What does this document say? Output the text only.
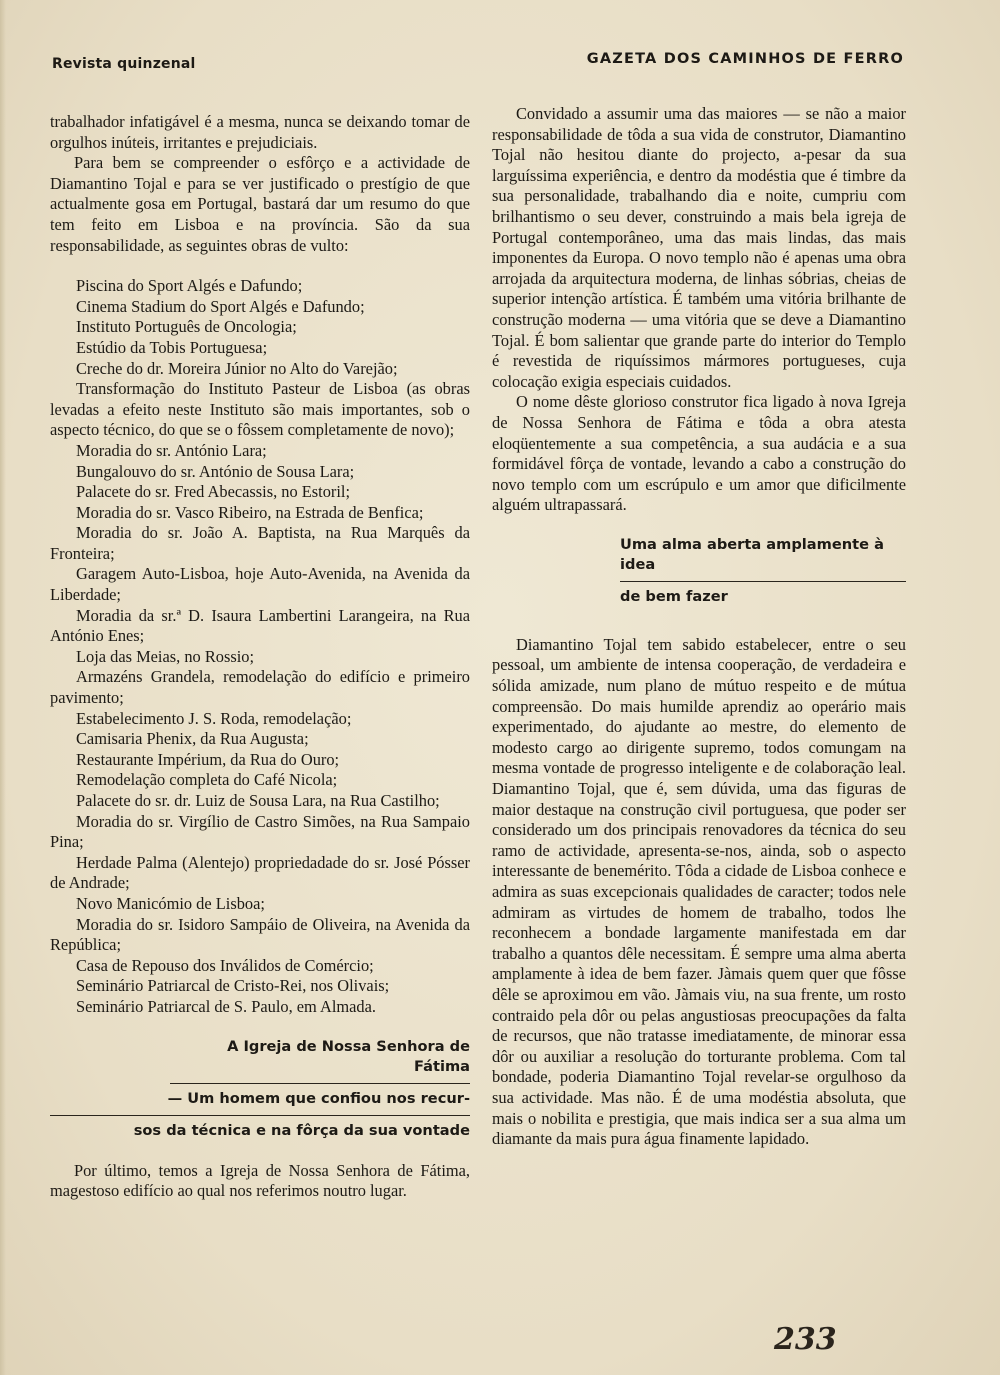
Revista quinzenal	GAZETA DOS CAMINHOS DE FERRO

trabalhador infatigável é a mesma, nunca se deixando tomar de orgulhos inúteis, irritantes e prejudiciais.

Para bem se compreender o esfôrço e a actividade de Diamantino Tojal e para se ver justificado o prestígio de que actualmente gosa em Portugal, bastará dar um resumo do que tem feito em Lisboa e na província. São da sua responsabilidade, as seguintes obras de vulto:

Piscina do Sport Algés e Dafundo;

Cinema Stadium do Sport Algés e Dafundo;

Instituto Português de Oncologia;

Estúdio da Tobis Portuguesa;

Creche do dr. Moreira Júnior no Alto do Varejão;

Transformação do Instituto Pasteur de Lisboa (as obras levadas a efeito neste Instituto são mais importantes, sob o aspecto técnico, do que se o fôssem completamente de novo);

Moradia do sr. António Lara;

Bungalouvo do sr. António de Sousa Lara;

Palacete do sr. Fred Abecassis, no Estoril;

Moradia do sr. Vasco Ribeiro, na Estrada de Benfica;

Moradia do sr. João A. Baptista, na Rua Marquês da Fronteira;

Garagem Auto-Lisboa, hoje Auto-Avenida, na Avenida da Liberdade;

Moradia da sr.ª D. Isaura Lambertini Larangeira, na Rua António Enes;

Loja das Meias, no Rossio;

Armazéns Grandela, remodelação do edifício e primeiro pavimento;

Estabelecimento J. S. Roda, remodelação;

Camisaria Phenix, da Rua Augusta;

Restaurante Impérium, da Rua do Ouro;

Remodelação completa do Café Nicola;

Palacete do sr. dr. Luiz de Sousa Lara, na Rua Castilho;

Moradia do sr. Virgílio de Castro Simões, na Rua Sampaio Pina;

Herdade Palma (Alentejo) propriedadade do sr. José Pósser de Andrade;

Novo Manicómio de Lisboa;

Moradia do sr. Isidoro Sampáio de Oliveira, na Avenida da República;

Casa de Repouso dos Inválidos de Comércio;

Seminário Patriarcal de Cristo-Rei, nos Olivais;

Seminário Patriarcal de S. Paulo, em Almada.

A Igreja de Nossa Senhora de Fátima
— Um homem que confiou nos recur-
sos da técnica e na fôrça da sua vontade

Por último, temos a Igreja de Nossa Senhora de Fátima, magestoso edifício ao qual nos referimos noutro lugar.

Convidado a assumir uma das maiores — se não a maior responsabilidade de tôda a sua vida de construtor, Diamantino Tojal não hesitou diante do projecto, a-pesar da sua larguíssima experiência, e dentro da modéstia que é timbre da sua personalidade, trabalhando dia e noite, cumpriu com brilhantismo o seu dever, construindo a mais bela igreja de Portugal contemporâneo, uma das mais lindas, das mais imponentes da Europa. O novo templo não é apenas uma obra arrojada da arquitectura moderna, de linhas sóbrias, cheias de superior intenção artística. É também uma vitória brilhante de construção moderna — uma vitória que se deve a Diamantino Tojal. É bom salientar que grande parte do interior do Templo é revestida de riquíssimos mármores portugueses, cuja colocação exigia especiais cuidados.

O nome dêste glorioso construtor fica ligado à nova Igreja de Nossa Senhora de Fátima e tôda a obra atesta eloqüentemente a sua competência, a sua audácia e a sua formidável fôrça de vontade, levando a cabo a construção do novo templo com um escrúpulo e um amor que dificilmente alguém ultrapassará.

Uma alma aberta amplamente à idea
de bem fazer

Diamantino Tojal tem sabido estabelecer, entre o seu pessoal, um ambiente de intensa cooperação, de verdadeira e sólida amizade, num plano de mútuo respeito e de mútua compreensão. Do mais humilde aprendiz ao operário mais experimentado, do ajudante ao mestre, do elemento de modesto cargo ao dirigente supremo, todos comungam na mesma vontade de progresso inteligente e de colaboração leal. Diamantino Tojal, que é, sem dúvida, uma das figuras de maior destaque na construção civil portuguesa, que poder ser considerado um dos principais renovadores da técnica do seu ramo de actividade, apresenta-se-nos, ainda, sob o aspecto interessante de benemérito. Tôda a cidade de Lisboa conhece e admira as suas excepcionais qualidades de caracter; todos nele admiram as virtudes de homem de trabalho, todos lhe reconhecem a bondade largamente manifestada em dar trabalho a quantos dêle necessitam. É sempre uma alma aberta amplamente à idea de bem fazer. Jàmais quem quer que fôsse dêle se aproximou em vão. Jàmais viu, na sua frente, um rosto contraido pela dôr ou pelas angustiosas preocupações da falta de recursos, que não tratasse imediatamente, de minorar essa dôr ou auxiliar a resolução do torturante problema. Com tal bondade, poderia Diamantino Tojal revelar-se orgulhoso da sua actividade. Mas não. É de uma modéstia absoluta, que mais o nobilita e prestigia, que mais indica ser a sua alma um diamante da mais pura água finamente lapidado.

233
